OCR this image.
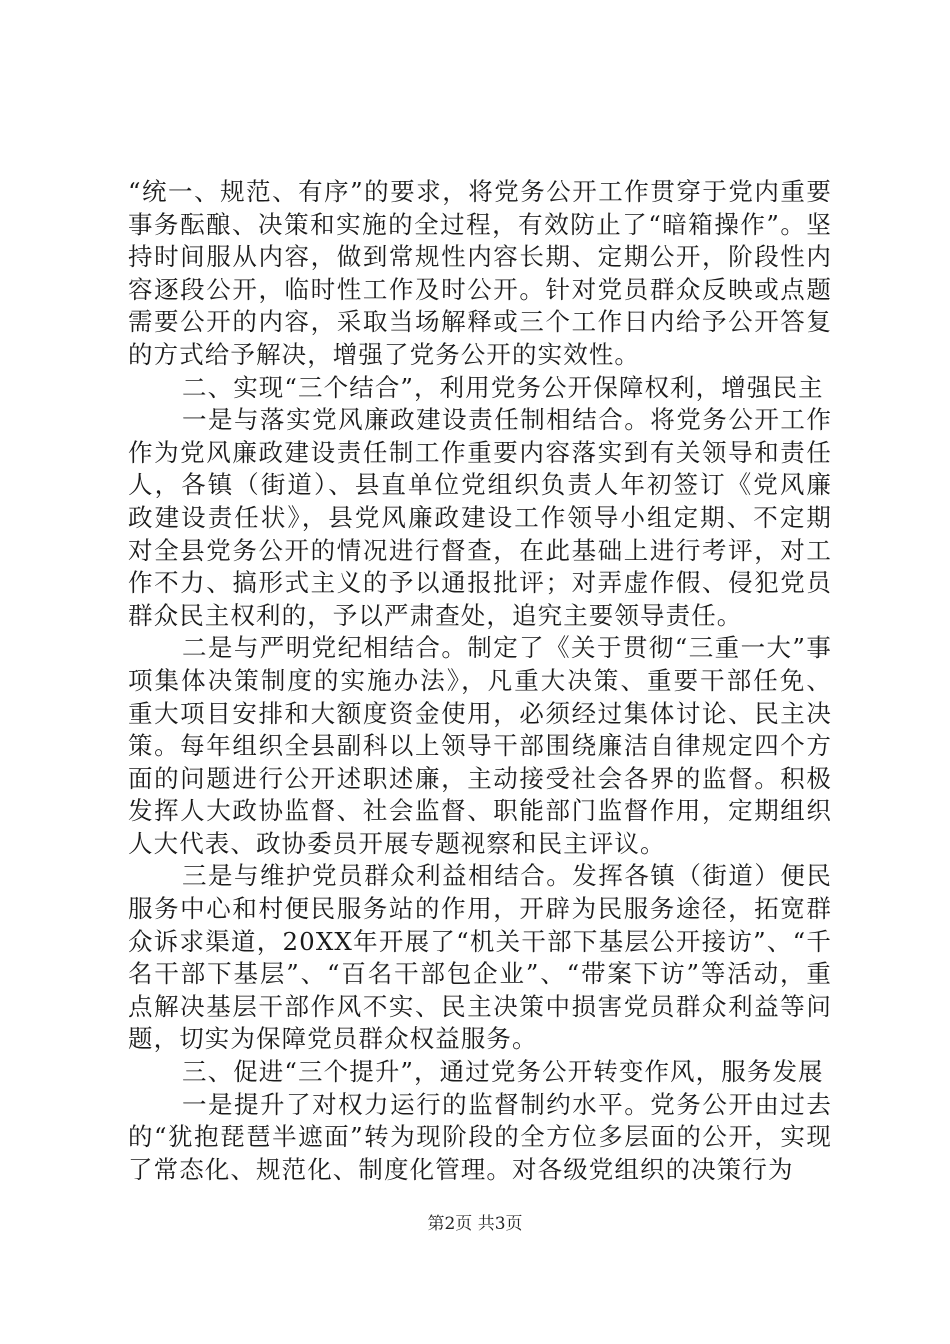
“统一、规范、有序”的要求，将党务公开工作贯穿于党内重要事务酝酿、决策和实施的全过程，有效防止了“暗箱操作”。坚持时间服从内容，做到常规性内容长期、定期公开，阶段性内容逐段公开，临时性工作及时公开。针对党员群众反映或点题需要公开的内容，采取当场解释或三个工作日内给予公开答复的方式给予解决，增强了党务公开的实效性。

二、实现“三个结合”，利用党务公开保障权利，增强民主

一是与落实党风廉政建设责任制相结合。将党务公开工作作为党风廉政建设责任制工作重要内容落实到有关领导和责任人，各镇（街道）、县直单位党组织负责人年初签订《党风廉政建设责任状》，县党风廉政建设工作领导小组定期、不定期对全县党务公开的情况进行督查，在此基础上进行考评，对工作不力、搞形式主义的予以通报批评；对弄虚作假、侵犯党员群众民主权利的，予以严肃查处，追究主要领导责任。

二是与严明党纪相结合。制定了《关于贯彻“三重一大”事项集体决策制度的实施办法》，凡重大决策、重要干部任免、重大项目安排和大额度资金使用，必须经过集体讨论、民主决策。每年组织全县副科以上领导干部围绕廉洁自律规定四个方面的问题进行公开述职述廉，主动接受社会各界的监督。积极发挥人大政协监督、社会监督、职能部门监督作用，定期组织人大代表、政协委员开展专题视察和民主评议。

三是与维护党员群众利益相结合。发挥各镇（街道）便民服务中心和村便民服务站的作用，开辟为民服务途径，拓宽群众诉求渠道，20XX年开展了“机关干部下基层公开接访”、“千名干部下基层”、“百名干部包企业”、“带案下访”等活动，重点解决基层干部作风不实、民主决策中损害党员群众利益等问题，切实为保障党员群众权益服务。

三、促进“三个提升”，通过党务公开转变作风，服务发展

一是提升了对权力运行的监督制约水平。党务公开由过去的“犹抱琵琶半遮面”转为现阶段的全方位多层面的公开，实现了常态化、规范化、制度化管理。对各级党组织的决策行为

第2页 共3页
